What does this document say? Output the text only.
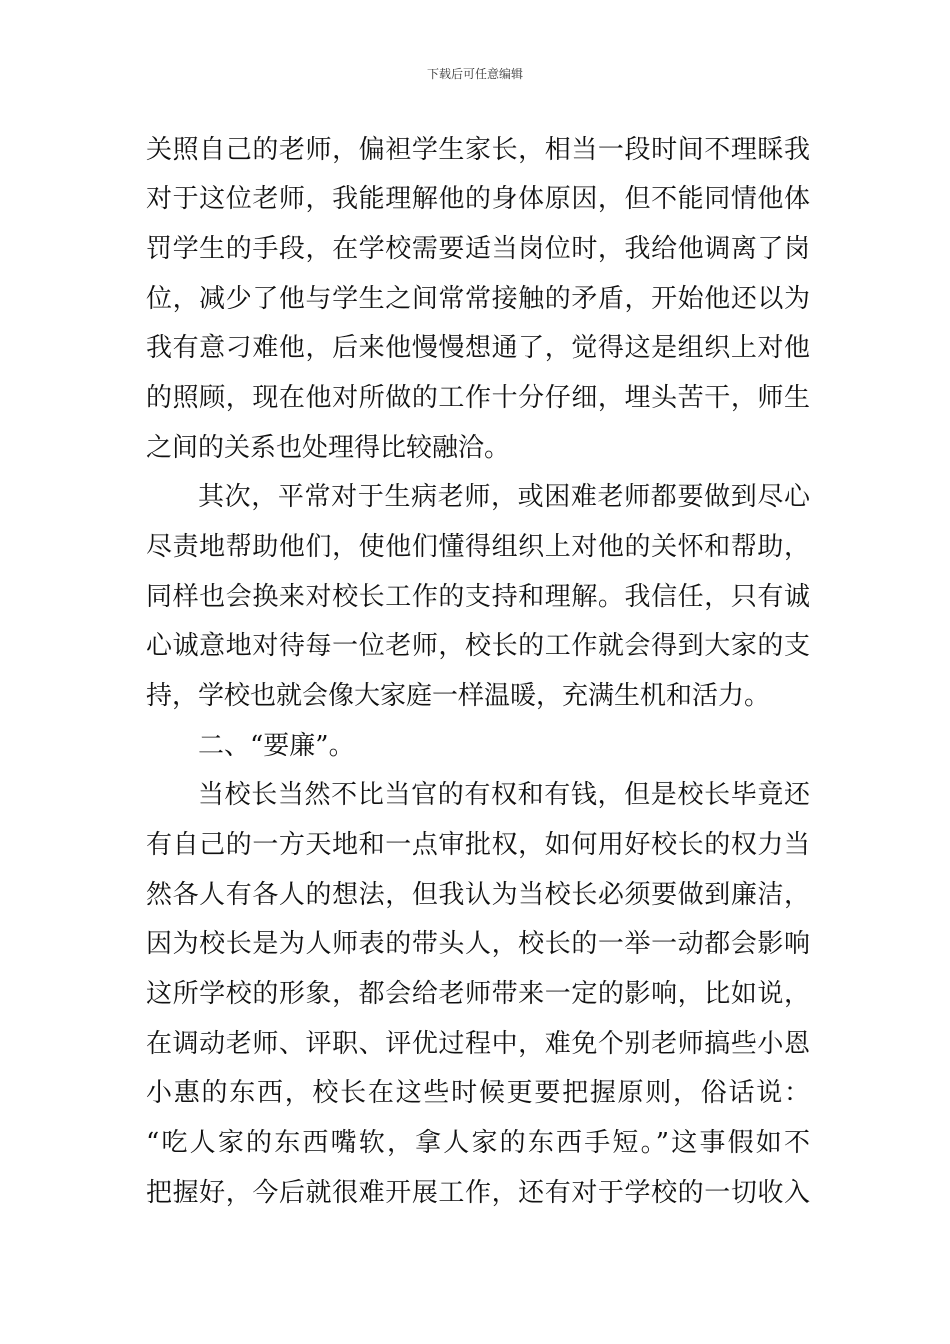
下载后可任意编辑
关照自己的老师，偏袒学生家长，相当一段时间不理睬我
对于这位老师，我能理解他的身体原因，但不能同情他体
罚学生的手段，在学校需要适当岗位时，我给他调离了岗
位，减少了他与学生之间常常接触的矛盾，开始他还以为
我有意刁难他，后来他慢慢想通了，觉得这是组织上对他
的照顾，现在他对所做的工作十分仔细，埋头苦干，师生
之间的关系也处理得比较融洽。
其次，平常对于生病老师，或困难老师都要做到尽心
尽责地帮助他们，使他们懂得组织上对他的关怀和帮助，
同样也会换来对校长工作的支持和理解。我信任，只有诚
心诚意地对待每一位老师，校长的工作就会得到大家的支
持，学校也就会像大家庭一样温暖，充满生机和活力。
二、“要廉”。
当校长当然不比当官的有权和有钱，但是校长毕竟还
有自己的一方天地和一点审批权，如何用好校长的权力当
然各人有各人的想法，但我认为当校长必须要做到廉洁，
因为校长是为人师表的带头人，校长的一举一动都会影响
这所学校的形象，都会给老师带来一定的影响，比如说，
在调动老师、评职、评优过程中，难免个别老师搞些小恩
小惠的东西，校长在这些时候更要把握原则，俗话说：
“吃人家的东西嘴软，拿人家的东西手短。”这事假如不
把握好，今后就很难开展工作，还有对于学校的一切收入
